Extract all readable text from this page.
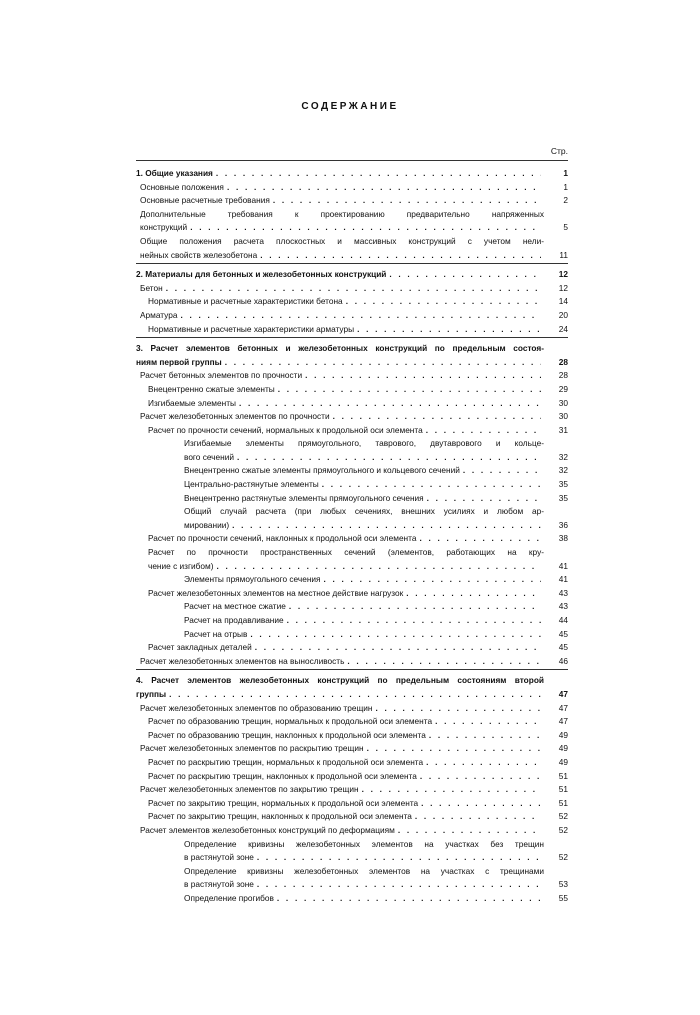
СОДЕРЖАНИЕ
Стр.
1. Общие указания . . .	1
Основные положения . . .	1
Основные расчетные требования . . .	2
Дополнительные требования к проектированию предварительно напряженных
конструкций . . .	5
Общие положения расчета плоскостных и массивных конструкций с учетом нели-
нейных свойств железобетона . . .	11
2. Материалы для бетонных и железобетонных конструкций . . .	12
Бетон . . .	12
Нормативные и расчетные характеристики бетона . . .	14
Арматура . . .	20
Нормативные и расчетные характеристики арматуры . . .	24
3. Расчет элементов бетонных и железобетонных конструкций по предельным состоя-
ниям первой группы . . .	28
Расчет бетонных элементов по прочности . . .	28
Внецентренно сжатые элементы . . .	29
Изгибаемые элементы . . .	30
Расчет железобетонных элементов по прочности . . .	30
Расчет по прочности сечений, нормальных к продольной оси элемента . . .	31
Изгибаемые элементы прямоугольного, таврового, двутаврового и кольце-
вого сечений . . .	32
Внецентренно сжатые элементы прямоугольного и кольцевого сечений . . .	32
Центрально-растянутые элементы . . .	35
Внецентренно растянутые элементы прямоугольного сечения . . .	35
Общий случай расчета (при любых сечениях, внешних усилиях и любом ар-
мировании) . . .	36
Расчет по прочности сечений, наклонных к продольной оси элемента . . .	38
Расчет по прочности пространственных сечений (элементов, работающих на кру-
чение с изгибом) . . .	41
Элементы прямоугольного сечения . . .	41
Расчет железобетонных элементов на местное действие нагрузок . . .	43
Расчет на местное сжатие . . .	43
Расчет на продавливание . . .	44
Расчет на отрыв . . .	45
Расчет закладных деталей . . .	45
Расчет железобетонных элементов на выносливость . . .	46
4. Расчет элементов железобетонных конструкций по предельным состояниям второй
группы . . .	47
Расчет железобетонных элементов по образованию трещин . . .	47
Расчет по образованию трещин, нормальных к продольной оси элемента . . .	47
Расчет по образованию трещин, наклонных к продольной оси элемента . . .	49
Расчет железобетонных элементов по раскрытию трещин . . .	49
Расчет по раскрытию трещин, нормальных к продольной оси элемента . . .	49
Расчет по раскрытию трещин, наклонных к продольной оси элемента . . .	51
Расчет железобетонных элементов по закрытию трещин . . .	51
Расчет по закрытию трещин, нормальных к продольной оси элемента . . .	51
Расчет по закрытию трещин, наклонных к продольной оси элемента . . .	52
Расчет элементов железобетонных конструкций по деформациям . . .	52
Определение кривизны железобетонных элементов на участках без трещин
в растянутой зоне . . .	52
Определение кривизны железобетонных элементов на участках с трещинами
в растянутой зоне . . .	53
Определение прогибов . . .	55
